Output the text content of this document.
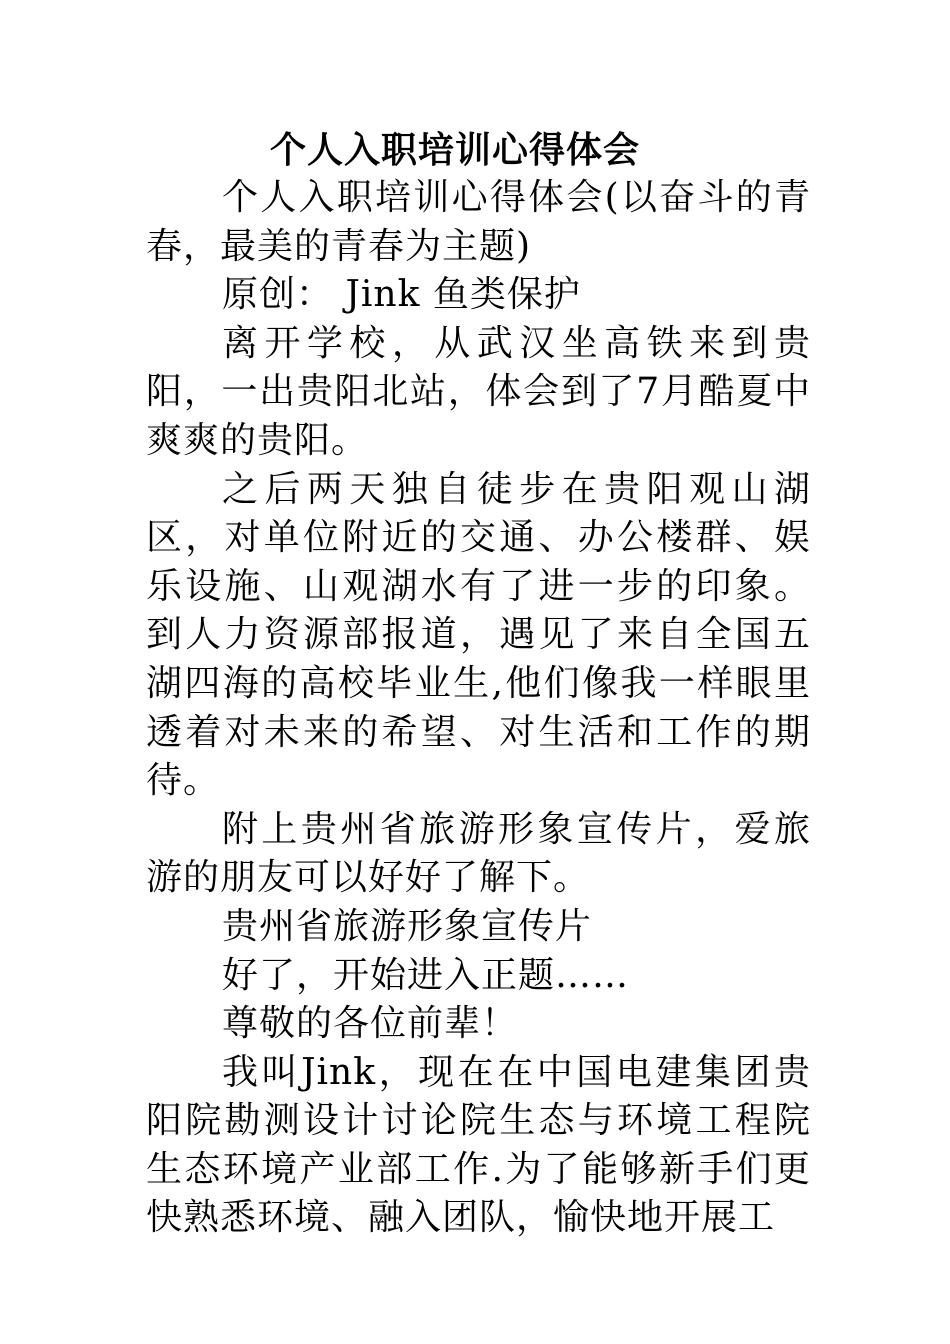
个人入职培训心得体会

个人入职培训心得体会(以奋斗的青春，最美的青春为主题)

原创： Jink 鱼类保护

离开学校，从武汉坐高铁来到贵阳，一出贵阳北站，体会到了7月酷夏中爽爽的贵阳。

之后两天独自徒步在贵阳观山湖区，对单位附近的交通、办公楼群、娱乐设施、山观湖水有了进一步的印象。到人力资源部报道，遇见了来自全国五湖四海的高校毕业生,他们像我一样眼里透着对未来的希望、对生活和工作的期待。

附上贵州省旅游形象宣传片，爱旅游的朋友可以好好了解下。

贵州省旅游形象宣传片

好了，开始进入正题……

尊敬的各位前辈！

我叫Jink，现在在中国电建集团贵阳院勘测设计讨论院生态与环境工程院生态环境产业部工作.为了能够新手们更快熟悉环境、融入团队，愉快地开展工
